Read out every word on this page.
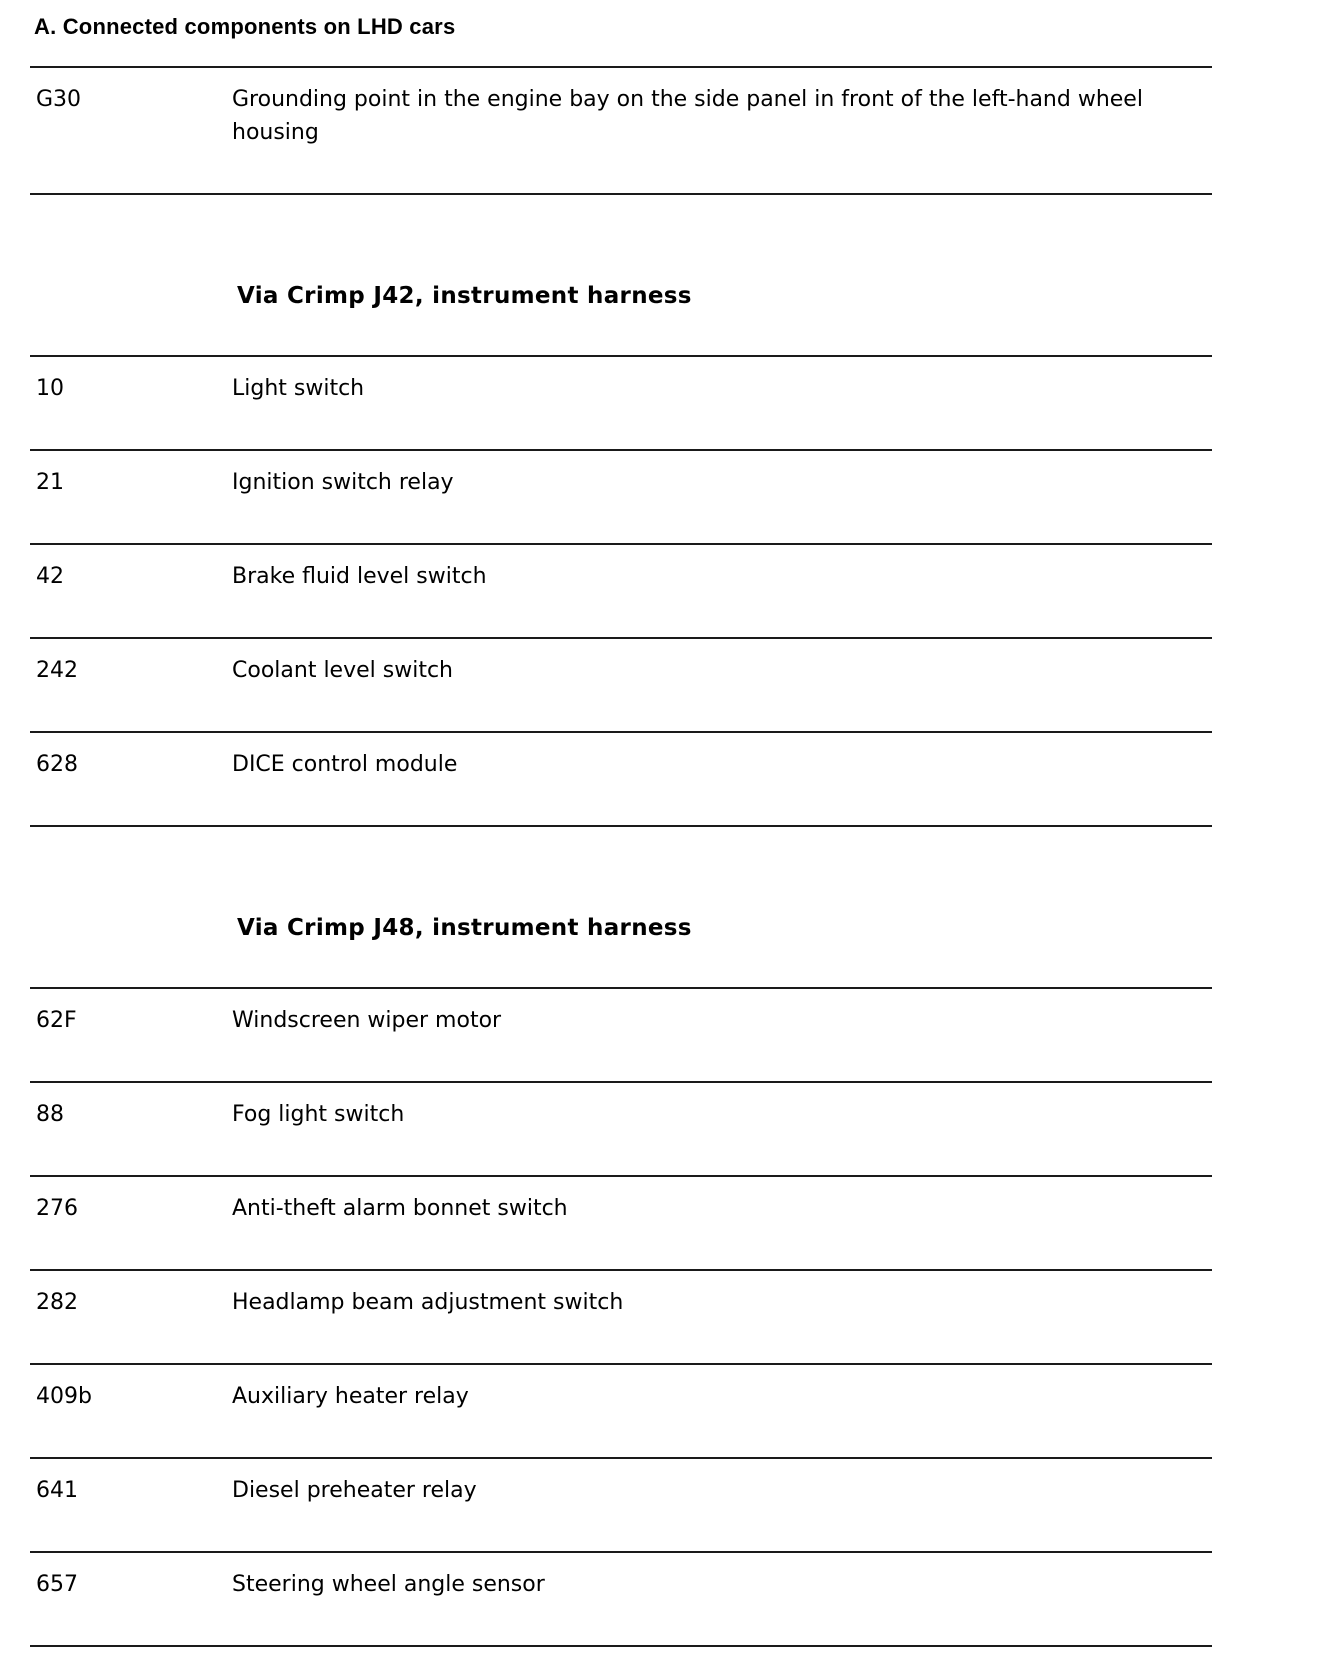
A. Connected components on LHD cars
G30	Grounding point in the engine bay on the side panel in front of the left-hand wheel housing
Via Crimp J42, instrument harness
10	Light switch
21	Ignition switch relay
42	Brake fluid level switch
242	Coolant level switch
628	DICE control module
Via Crimp J48, instrument harness
62F	Windscreen wiper motor
88	Fog light switch
276	Anti-theft alarm bonnet switch
282	Headlamp beam adjustment switch
409b	Auxiliary heater relay
641	Diesel preheater relay
657	Steering wheel angle sensor
